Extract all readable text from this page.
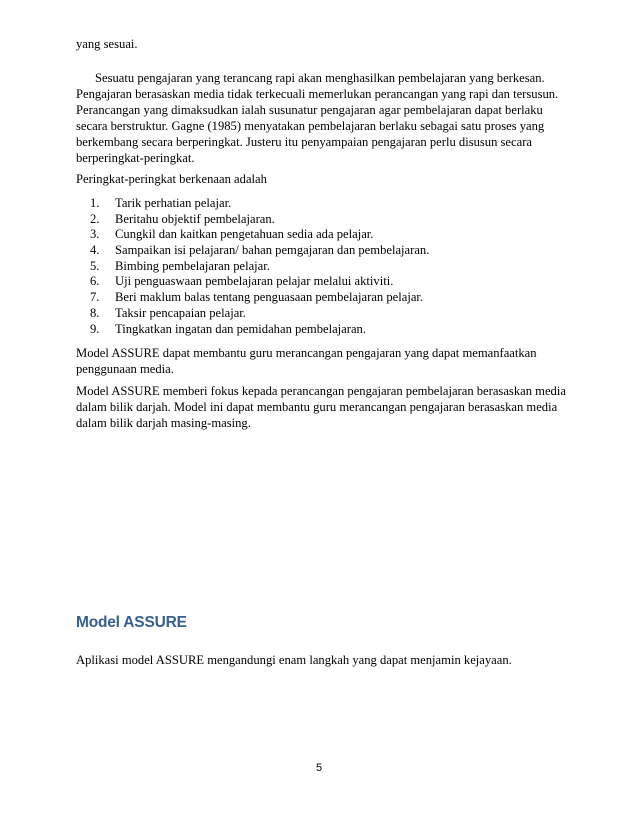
yang sesuai.

Sesuatu pengajaran yang terancang rapi akan menghasilkan pembelajaran yang berkesan.

Pengajaran berasaskan media tidak terkecuali memerlukan perancangan yang rapi dan tersusun.

Perancangan yang dimaksudkan ialah susunatur pengajaran agar pembelajaran dapat berlaku

secara berstruktur. Gagne (1985) menyatakan pembelajaran berlaku sebagai satu proses yang

berkembang secara berperingkat. Justeru itu penyampaian pengajaran perlu disusun secara

berperingkat-peringkat.

Peringkat-peringkat berkenaan adalah

1. Tarik perhatian pelajar.
2. Beritahu objektif pembelajaran.
3. Cungkil dan kaitkan pengetahuan sedia ada pelajar.
4. Sampaikan isi pelajaran/ bahan pemgajaran dan pembelajaran.
5. Bimbing pembelajaran pelajar.
6. Uji penguaswaan pembelajaran pelajar melalui aktiviti.
7. Beri maklum balas tentang penguasaan pembelajaran pelajar.
8. Taksir pencapaian pelajar.
9. Tingkatkan ingatan dan pemidahan pembelajaran.

Model ASSURE dapat membantu guru merancangan pengajaran yang dapat memanfaatkan

penggunaan media.

Model ASSURE memberi fokus kepada perancangan pengajaran pembelajaran berasaskan media

dalam bilik darjah. Model ini dapat membantu guru merancangan pengajaran berasaskan media

dalam bilik darjah masing-masing.

Model ASSURE

Aplikasi model ASSURE mengandungi enam langkah yang dapat menjamin kejayaan.

5
